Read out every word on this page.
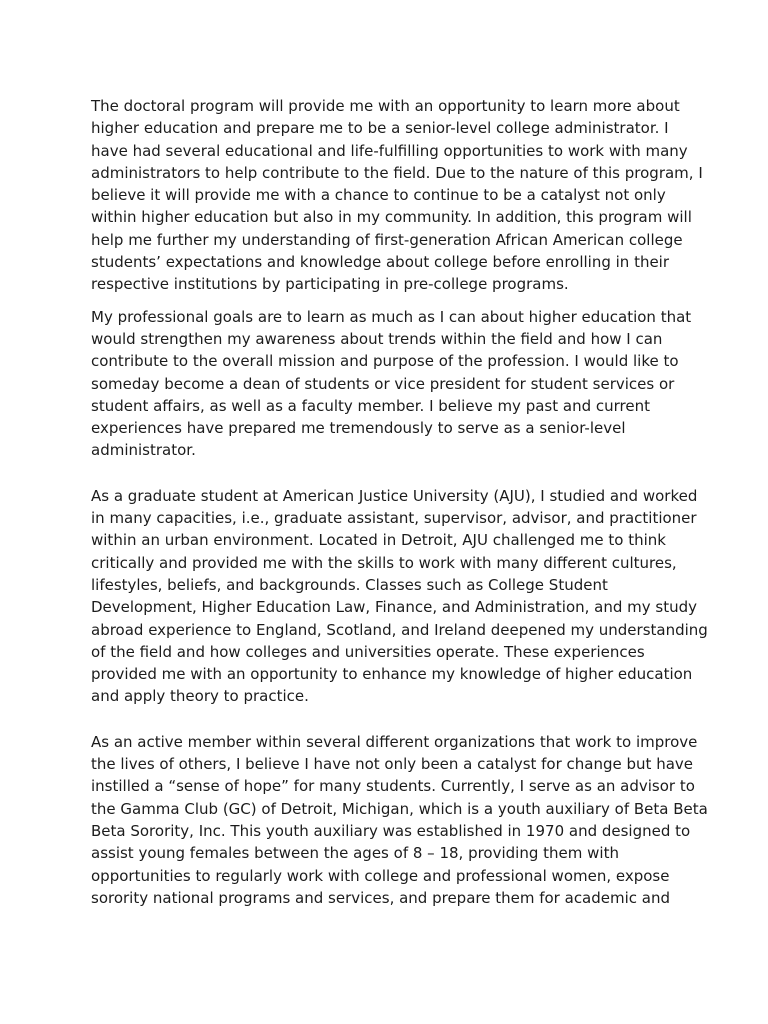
The doctoral program will provide me with an opportunity to learn more about
higher education and prepare me to be a senior-level college administrator. I
have had several educational and life-fulfilling opportunities to work with many
administrators to help contribute to the field. Due to the nature of this program, I
believe it will provide me with a chance to continue to be a catalyst not only
within higher education but also in my community. In addition, this program will
help me further my understanding of first-generation African American college
students’ expectations and knowledge about college before enrolling in their
respective institutions by participating in pre-college programs.
My professional goals are to learn as much as I can about higher education that
would strengthen my awareness about trends within the field and how I can
contribute to the overall mission and purpose of the profession. I would like to
someday become a dean of students or vice president for student services or
student affairs, as well as a faculty member. I believe my past and current
experiences have prepared me tremendously to serve as a senior-level
administrator.
As a graduate student at American Justice University (AJU), I studied and worked
in many capacities, i.e., graduate assistant, supervisor, advisor, and practitioner
within an urban environment. Located in Detroit, AJU challenged me to think
critically and provided me with the skills to work with many different cultures,
lifestyles, beliefs, and backgrounds. Classes such as College Student
Development, Higher Education Law, Finance, and Administration, and my study
abroad experience to England, Scotland, and Ireland deepened my understanding
of the field and how colleges and universities operate. These experiences
provided me with an opportunity to enhance my knowledge of higher education
and apply theory to practice.
As an active member within several different organizations that work to improve
the lives of others, I believe I have not only been a catalyst for change but have
instilled a “sense of hope” for many students. Currently, I serve as an advisor to
the Gamma Club (GC) of Detroit, Michigan, which is a youth auxiliary of Beta Beta
Beta Sorority, Inc. This youth auxiliary was established in 1970 and designed to
assist young females between the ages of 8 – 18, providing them with
opportunities to regularly work with college and professional women, expose
sorority national programs and services, and prepare them for academic and
